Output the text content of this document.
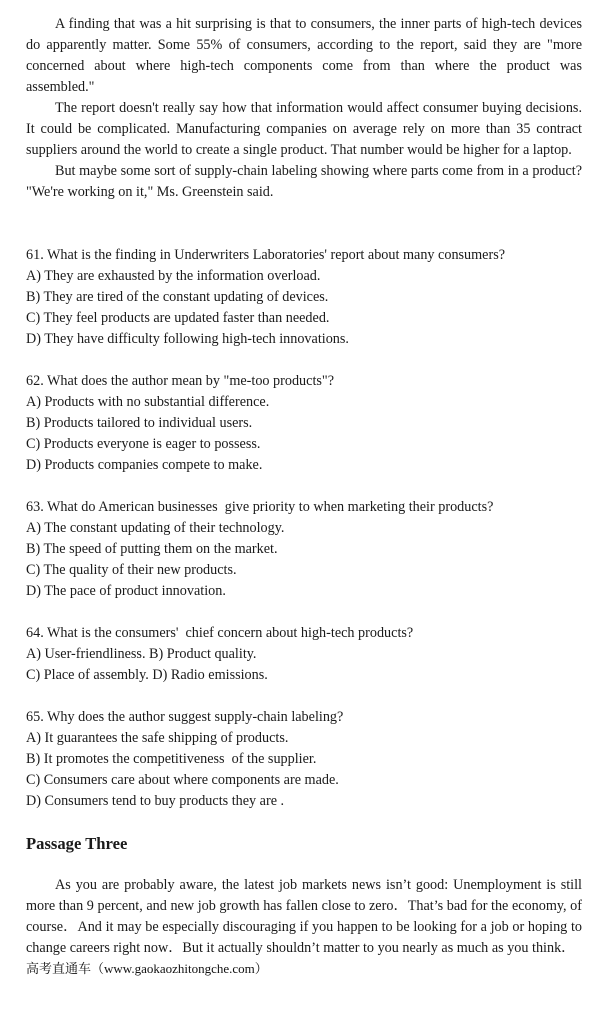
A finding that was a hit surprising is that to consumers, the inner parts of high-tech devices do apparently matter. Some 55% of consumers, according to the report, said they are "more concerned about where high-tech components come from than where the product was assembled."

The report doesn't really say how that information would affect consumer buying decisions. It could be complicated. Manufacturing companies on average rely on more than 35 contract suppliers around the world to create a single product. That number would be higher for a laptop.

But maybe some sort of supply-chain labeling showing where parts come from in a product? "We're working on it," Ms. Greenstein said.

61. What is the finding in Underwriters Laboratories' report about many consumers?

A) They are exhausted by the information overload.

B) They are tired of the constant updating of devices.

C) They feel products are updated faster than needed.

D) They have difficulty following high-tech innovations.

62. What does the author mean by "me-too products"?

A) Products with no substantial difference.

B) Products tailored to individual users.

C) Products everyone is eager to possess.

D) Products companies compete to make.

63. What do American businesses  give priority to when marketing their products?

A) The constant updating of their technology.

B) The speed of putting them on the market.

C) The quality of their new products.

D) The pace of product innovation.

64. What is the consumers'  chief concern about high-tech products?

A) User-friendliness. B) Product quality.

C) Place of assembly. D) Radio emissions.

65. Why does the author suggest supply-chain labeling?

A) It guarantees the safe shipping of products.

B) It promotes the competitiveness  of the supplier.

C) Consumers care about where components are made.

D) Consumers tend to buy products they are .

Passage Three

As you are probably aware, the latest job markets news isn’t good: Unemployment is still more than 9 percent, and new job growth has fallen close to zero．That’s bad for the economy, of course．And it may be especially discouraging if you happen to be looking for a job or hoping to change careers right now．But it actually shouldn’t matter to you nearly as much as you think．

高考直通车（www.gaokaozhitongche.com）
